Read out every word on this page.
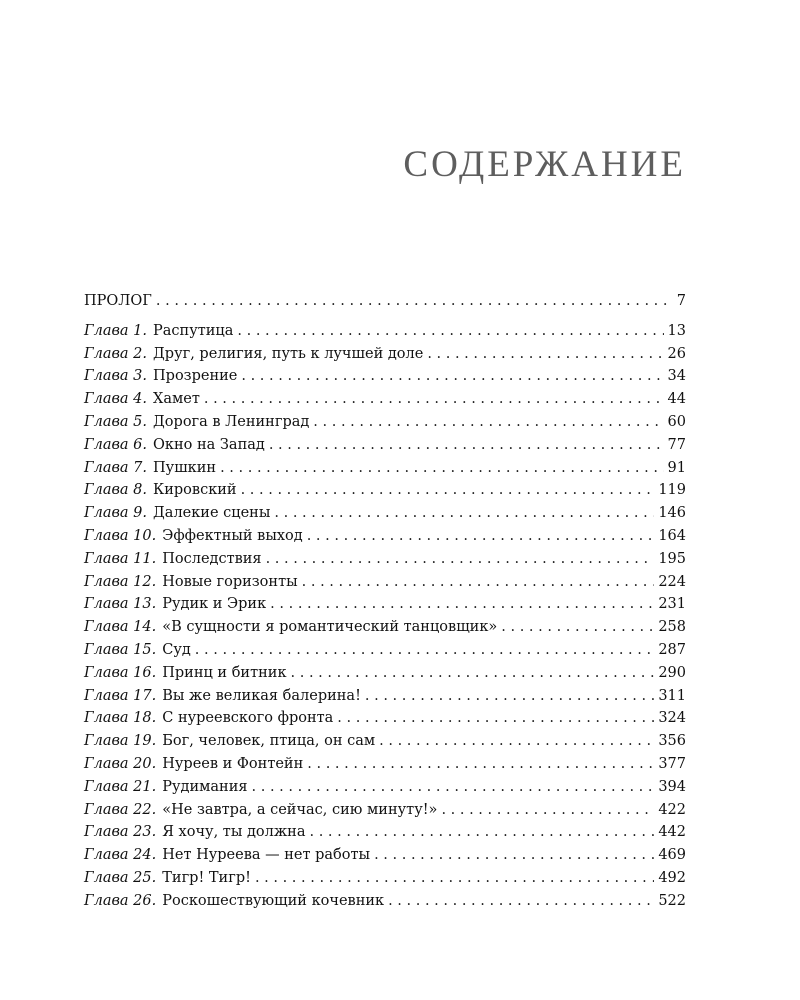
СОДЕРЖАНИЕ
ПРОЛОГ . . .	7
Глава 1. Распутица . . .	13
Глава 2. Друг, религия, путь к лучшей доле . . .	26
Глава 3. Прозрение . . .	34
Глава 4. Хамет . . .	44
Глава 5. Дорога в Ленинград . . .	60
Глава 6. Окно на Запад . . .	77
Глава 7. Пушкин . . .	91
Глава 8. Кировский . . .	119
Глава 9. Далекие сцены . . .	146
Глава 10. Эффектный выход . . .	164
Глава 11. Последствия . . .	195
Глава 12. Новые горизонты . . .	224
Глава 13. Рудик и Эрик . . .	231
Глава 14. «В сущности я романтический танцовщик» . . .	258
Глава 15. Суд . . .	287
Глава 16. Принц и битник . . .	290
Глава 17. Вы же великая балерина! . . .	311
Глава 18. С нуреевского фронта . . .	324
Глава 19. Бог, человек, птица, он сам . . .	356
Глава 20. Нуреев и Фонтейн . . .	377
Глава 21. Рудимания . . .	394
Глава 22. «Не завтра, а сейчас, сию минуту!» . . .	422
Глава 23. Я хочу, ты должна . . .	442
Глава 24. Нет Нуреева — нет работы . . .	469
Глава 25. Тигр! Тигр! . . .	492
Глава 26. Роскошествующий кочевник . . .	522
